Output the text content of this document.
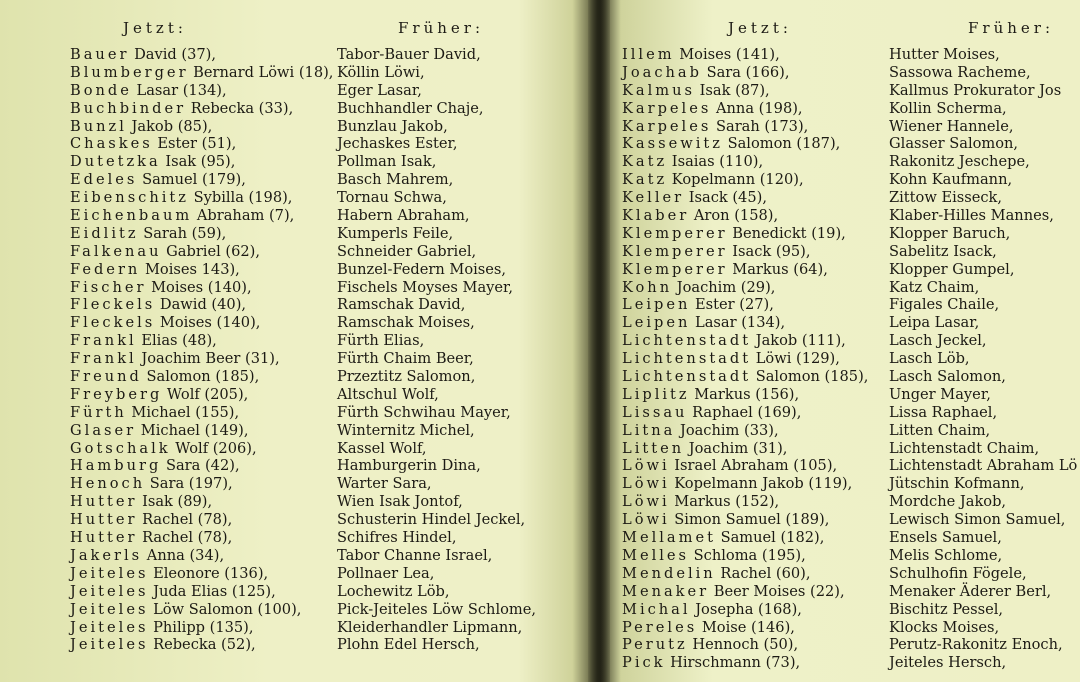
Jetzt:	Früher:
Bauer David (37),
Blumberger Bernard Löwi (18),
Bonde Lasar (134),
Buchbinder Rebecka (33),
Bunzl Jakob (85),
Chaskes Ester (51),
Dutetzka Isak (95),
Edeles Samuel (179),
Eibenschitz Sybilla (198),
Eichenbaum Abraham (7),
Eidlitz Sarah (59),
Falkenau Gabriel (62),
Federn Moises 143),
Fischer Moises (140),
Fleckels Dawid (40),
Fleckels Moises (140),
Frankl Elias (48),
Frankl Joachim Beer (31),
Freund Salomon (185),
Freyberg Wolf (205),
Fürth Michael (155),
Glaser Michael (149),
Gotschalk Wolf (206),
Hamburg Sara (42),
Henoch Sara (197),
Hutter Isak (89),
Hutter Rachel (78),
Hutter Rachel (78),
Jakerls Anna (34),
Jeiteles Eleonore (136),
Jeiteles Juda Elias (125),
Jeiteles Löw Salomon (100),
Jeiteles Philipp (135),
Jeiteles Rebecka (52),
Tabor-Bauer David,
Köllin Löwi,
Eger Lasar,
Buchhandler Chaje,
Bunzlau Jakob,
Jechaskes Ester,
Pollman Isak,
Basch Mahrem,
Tornau Schwa,
Habern Abraham,
Kumperls Feile,
Schneider Gabriel,
Bunzel-Federn Moises,
Fischels Moyses Mayer,
Ramschak David,
Ramschak Moises,
Fürth Elias,
Fürth Chaim Beer,
Przeztitz Salomon,
Altschul Wolf,
Fürth Schwihau Mayer,
Winternitz Michel,
Kassel Wolf,
Hamburgerin Dina,
Warter Sara,
Wien Isak Jontof,
Schusterin Hindel Jeckel,
Schifres Hindel,
Tabor Channe Israel,
Pollnaer Lea,
Lochewitz Löb,
Pick-Jeiteles Löw Schlome,
Kleiderhandler Lipmann,
Plohn Edel Hersch,
Jetzt:	Früher:
Illem Moises (141),
Joachab Sara (166),
Kalmus Isak (87),
Karpeles Anna (198),
Karpeles Sarah (173),
Kassewitz Salomon (187),
Katz Isaias (110),
Katz Kopelmann (120),
Keller Isack (45),
Klaber Aron (158),
Klemperer Benedickt (19),
Klemperer Isack (95),
Klemperer Markus (64),
Kohn Joachim (29),
Leipen Ester (27),
Leipen Lasar (134),
Lichtenstadt Jakob (111),
Lichtenstadt Löwi (129),
Lichtenstadt Salomon (185),
Liplitz Markus (156),
Lissau Raphael (169),
Litna Joachim (33),
Litten Joachim (31),
Löwi Israel Abraham (105),
Löwi Kopelmann Jakob (119),
Löwi Markus (152),
Löwi Simon Samuel (189),
Mellamet Samuel (182),
Melles Schloma (195),
Mendelin Rachel (60),
Menaker Beer Moises (22),
Michal Josepha (168),
Pereles Moise (146),
Perutz Hennoch (50),
Pick Hirschmann (73),
Hutter Moises,
Sassowa Racheme,
Kallmus Prokurator Jos
Kollin Scherma,
Wiener Hannele,
Glasser Salomon,
Rakonitz Jeschepe,
Kohn Kaufmann,
Zittow Eisseck,
Klaber-Hilles Mannes,
Klopper Baruch,
Sabelitz Isack,
Klopper Gumpel,
Katz Chaim,
Figales Chaile,
Leipa Lasar,
Lasch Jeckel,
Lasch Löb,
Lasch Salomon,
Unger Mayer,
Lissa Raphael,
Litten Chaim,
Lichtenstadt Chaim,
Lichtenstadt Abraham Lö
Jütschin Kofmann,
Mordche Jakob,
Lewisch Simon Samuel,
Ensels Samuel,
Melis Schlome,
Schulhofin Fögele,
Menaker Äderer Berl,
Bischitz Pessel,
Klocks Moises,
Perutz-Rakonitz Enoch,
Jeiteles Hersch,
